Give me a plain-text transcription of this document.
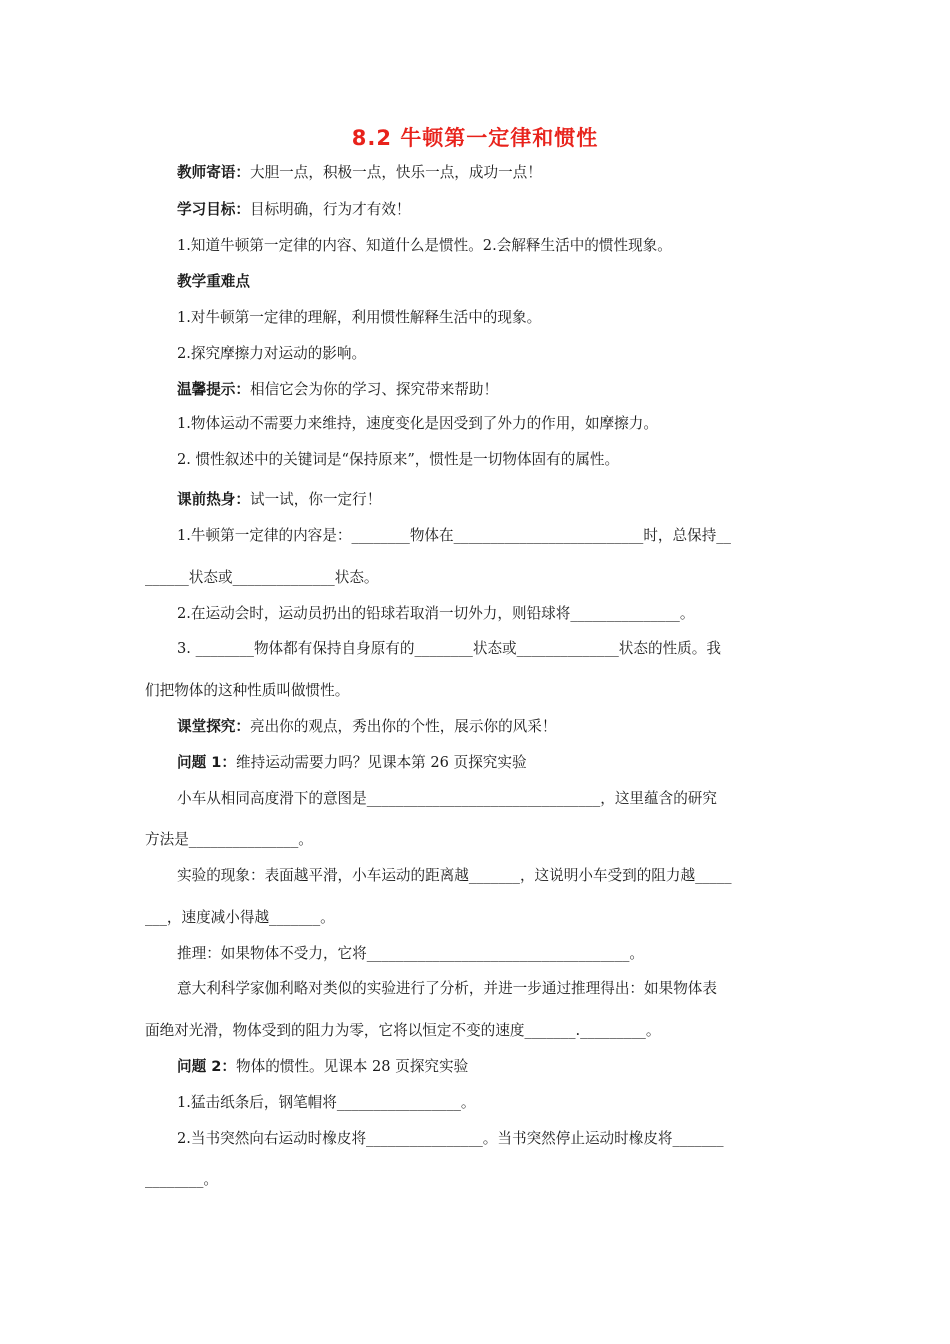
8.2 牛顿第一定律和惯性
教师寄语：大胆一点，积极一点，快乐一点，成功一点！
学习目标：目标明确，行为才有效！
1.知道牛顿第一定律的内容、知道什么是惯性。2.会解释生活中的惯性现象。
教学重难点
1.对牛顿第一定律的理解，利用惯性解释生活中的现象。
2.探究摩擦力对运动的影响。
温馨提示：相信它会为你的学习、探究带来帮助！
1.物体运动不需要力来维持，速度变化是因受到了外力的作用，如摩擦力。
2. 惯性叙述中的关键词是“保持原来”，惯性是一切物体固有的属性。
课前热身：试一试，你一定行！
1.牛顿第一定律的内容是：________物体在__________________________时，总保持__
______状态或______________状态。
2.在运动会时，运动员扔出的铅球若取消一切外力，则铅球将_______________。
3. ________物体都有保持自身原有的________状态或______________状态的性质。我
们把物体的这种性质叫做惯性。
课堂探究：亮出你的观点，秀出你的个性，展示你的风采！
问题 1：维持运动需要力吗？见课本第 26 页探究实验
小车从相同高度滑下的意图是________________________________，这里蕴含的研究
方法是_______________。
实验的现象：表面越平滑，小车运动的距离越_______，这说明小车受到的阻力越_____
___，速度减小得越_______。
推理：如果物体不受力，它将____________________________________。
意大利科学家伽利略对类似的实验进行了分析，并进一步通过推理得出：如果物体表
面绝对光滑，物体受到的阻力为零，它将以恒定不变的速度_______._________。
问题 2：物体的惯性。见课本 28 页探究实验
1.猛击纸条后，钢笔帽将_________________。
2.当书突然向右运动时橡皮将________________。当书突然停止运动时橡皮将_______
________。
